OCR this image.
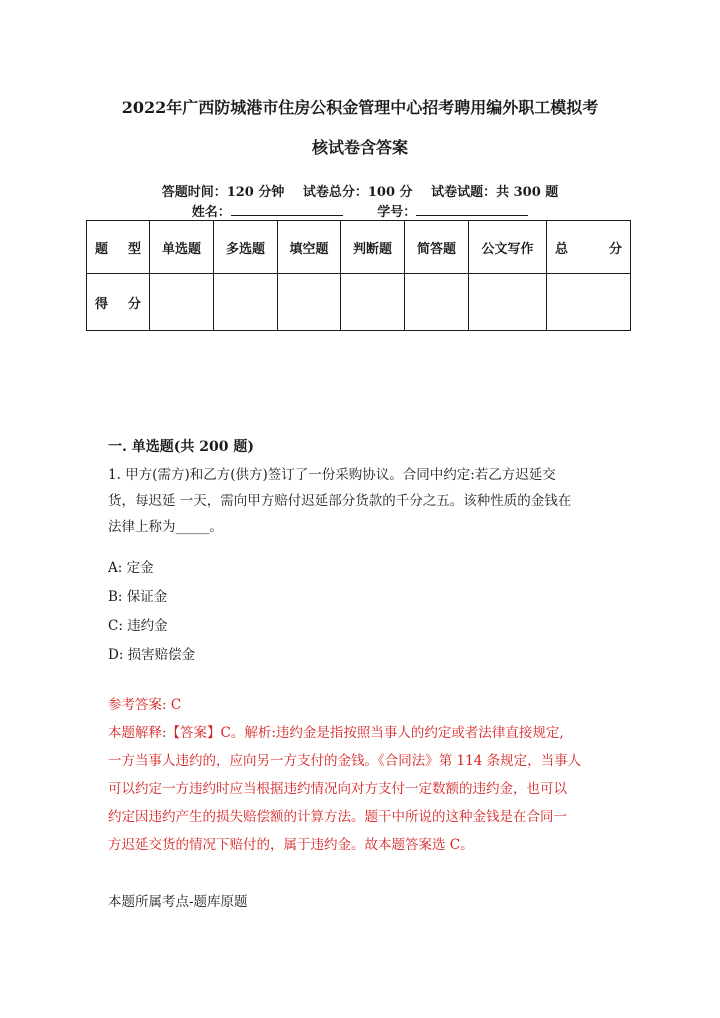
2022年广西防城港市住房公积金管理中心招考聘用编外职工模拟考
核试卷含答案
答题时间：120 分钟 试卷总分：100 分 试卷试题：共 300 题
姓名：	学号：
题 型	单选题	多选题	填空题	判断题	简答题	公文写作	总 分

得 分							

一. 单选题(共 200 题)
1. 甲方(需方)和乙方(供方)签订了一份采购协议。合同中约定:若乙方迟延交
货，每迟延 一天，需向甲方赔付迟延部分货款的千分之五。该种性质的金钱在
法律上称为_____。
A: 定金
B: 保证金
C: 违约金
D: 损害赔偿金
参考答案: C
本题解释:【答案】C。解析:违约金是指按照当事人的约定或者法律直接规定,
一方当事人违约的，应向另一方支付的金钱。《合同法》第 114 条规定，当事人
可以约定一方违约时应当根据违约情况向对方支付一定数额的违约金，也可以
约定因违约产生的损失赔偿额的计算方法。题干中所说的这种金钱是在合同一
方迟延交货的情况下赔付的，属于违约金。故本题答案选 C。
本题所属考点-题库原题
